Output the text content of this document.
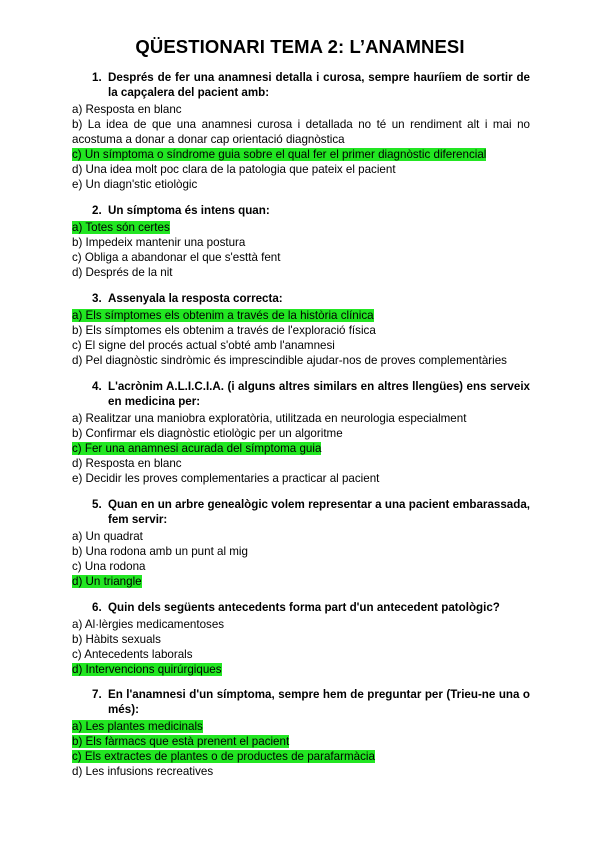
QÜESTIONARI TEMA 2: L’ANAMNESI
1. Després de fer una anamnesi detalla i curosa, sempre hauríiem de sortir de la capçalera del pacient amb:
a) Resposta en blanc
b) La idea de que una anamnesi curosa i detallada no té un rendiment alt i mai no acostuma a donar a donar cap orientació diagnòstica
c) Un símptoma o síndrome guia sobre el qual fer el primer diagnòstic diferencial
d) Una idea molt poc clara de la patologia que pateix el pacient
e) Un diagn'stic etiològic
2. Un símptoma és intens quan:
a) Totes són certes
b) Impedeix mantenir una postura
c) Obliga a abandonar el que s'esttà fent
d) Després de la nit
3. Assenyala la resposta correcta:
a) Els símptomes els obtenim a través de la història clínica
b) Els símptomes els obtenim a través de l'exploració física
c) El signe del procés actual s'obté amb l'anamnesi
d) Pel diagnòstic sindròmic és imprescindible ajudar-nos de proves complementàries
4. L'acrònim A.L.I.C.I.A. (i alguns altres similars en altres llengües) ens serveix en medicina per:
a) Realitzar una maniobra exploratòria, utilitzada en neurologia especialment
b) Confirmar els diagnòstic etiològic per un algoritme
c) Fer una anamnesi acurada del símptoma guia
d) Resposta en blanc
e) Decidir les proves complementaries a practicar al pacient
5. Quan en un arbre genealògic volem representar a una pacient embarassada, fem servir:
a) Un quadrat
b) Una rodona amb un punt al mig
c) Una rodona
d) Un triangle
6. Quin dels següents antecedents forma part d'un antecedent patològic?
a) Al·lèrgies medicamentoses
b) Hàbits sexuals
c) Antecedents laborals
d) Intervencions quirúrgiques
7. En l'anamnesi d'un símptoma, sempre hem de preguntar per (Trieu-ne una o més):
a) Les plantes medicinals
b) Els fàrmacs que està prenent el pacient
c) Els extractes de plantes o de productes de parafarmàcia
d) Les infusions recreatives
